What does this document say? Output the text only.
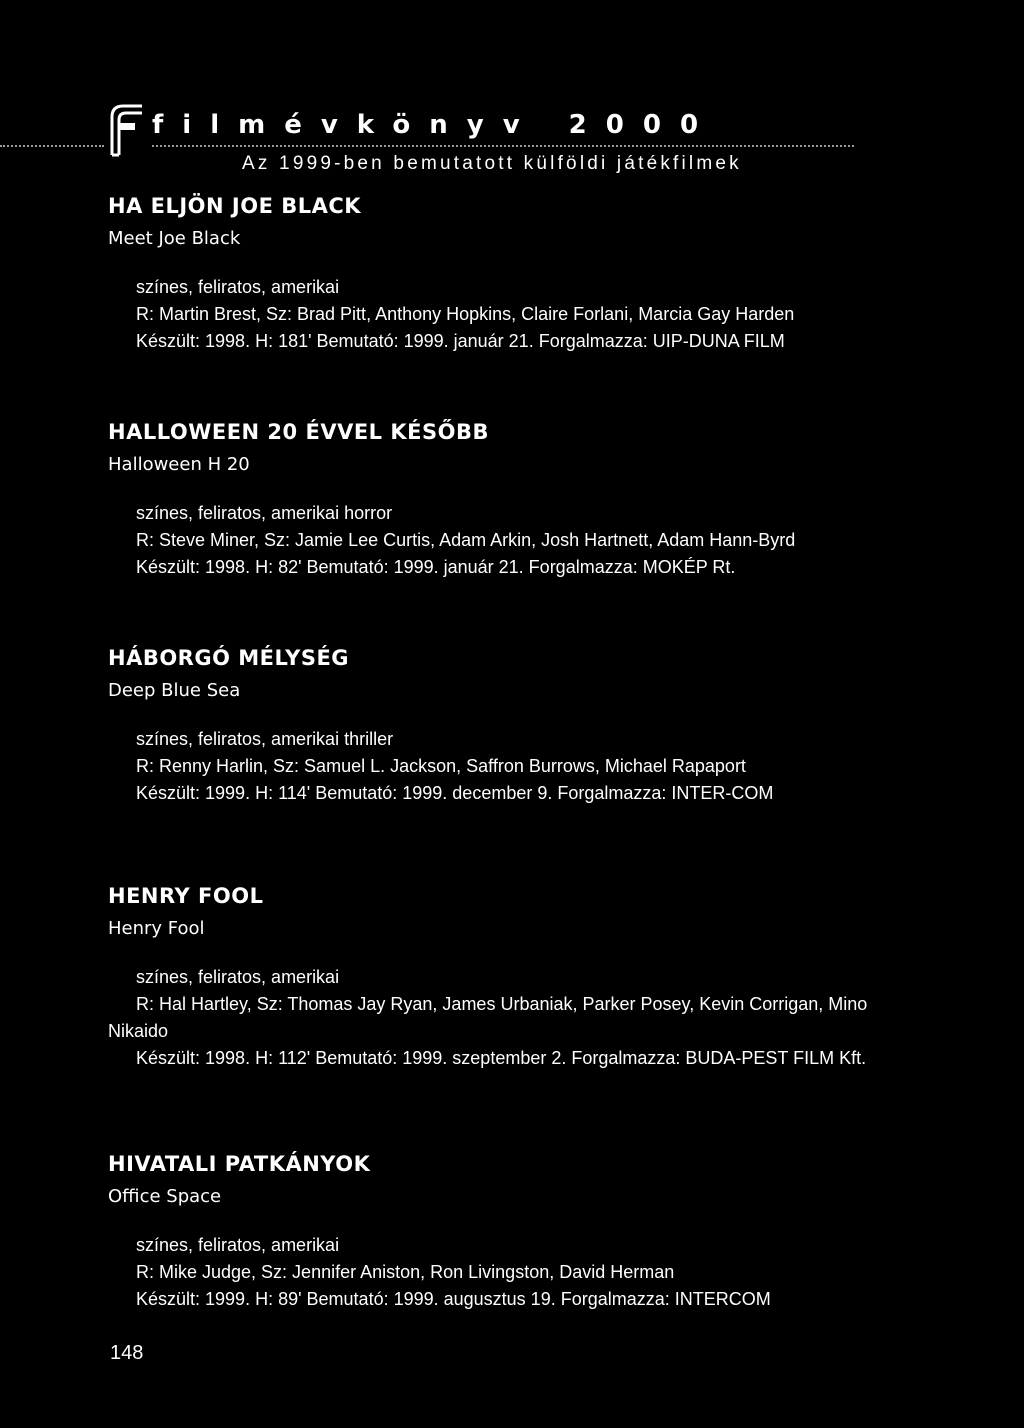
filmévkönyv 2000
Az 1999-ben bemutatott külföldi játékfilmek
HA ELJÖN JOE BLACK
Meet Joe Black
színes, feliratos, amerikai
R: Martin Brest, Sz: Brad Pitt, Anthony Hopkins, Claire Forlani, Marcia Gay Harden
Készült: 1998. H: 181' Bemutató: 1999. január 21. Forgalmazza: UIP-DUNA FILM
HALLOWEEN 20 ÉVVEL KÉSŐBB
Halloween H 20
színes, feliratos, amerikai horror
R: Steve Miner, Sz: Jamie Lee Curtis, Adam Arkin, Josh Hartnett, Adam Hann-Byrd
Készült: 1998. H: 82' Bemutató: 1999. január 21. Forgalmazza: MOKÉP Rt.
HÁBORGÓ MÉLYSÉG
Deep Blue Sea
színes, feliratos, amerikai thriller
R: Renny Harlin, Sz: Samuel L. Jackson, Saffron Burrows, Michael Rapaport
Készült: 1999. H: 114' Bemutató: 1999. december 9. Forgalmazza: INTER-COM
HENRY FOOL
Henry Fool
színes, feliratos, amerikai
R: Hal Hartley, Sz: Thomas Jay Ryan, James Urbaniak, Parker Posey, Kevin Corrigan, Mino Nikaido
Készült: 1998. H: 112' Bemutató: 1999. szeptember 2. Forgalmazza: BUDA-PEST FILM Kft.
HIVATALI PATKÁNYOK
Office Space
színes, feliratos, amerikai
R: Mike Judge, Sz: Jennifer Aniston, Ron Livingston, David Herman
Készült: 1999. H: 89' Bemutató: 1999. augusztus 19. Forgalmazza: INTERCOM
148
